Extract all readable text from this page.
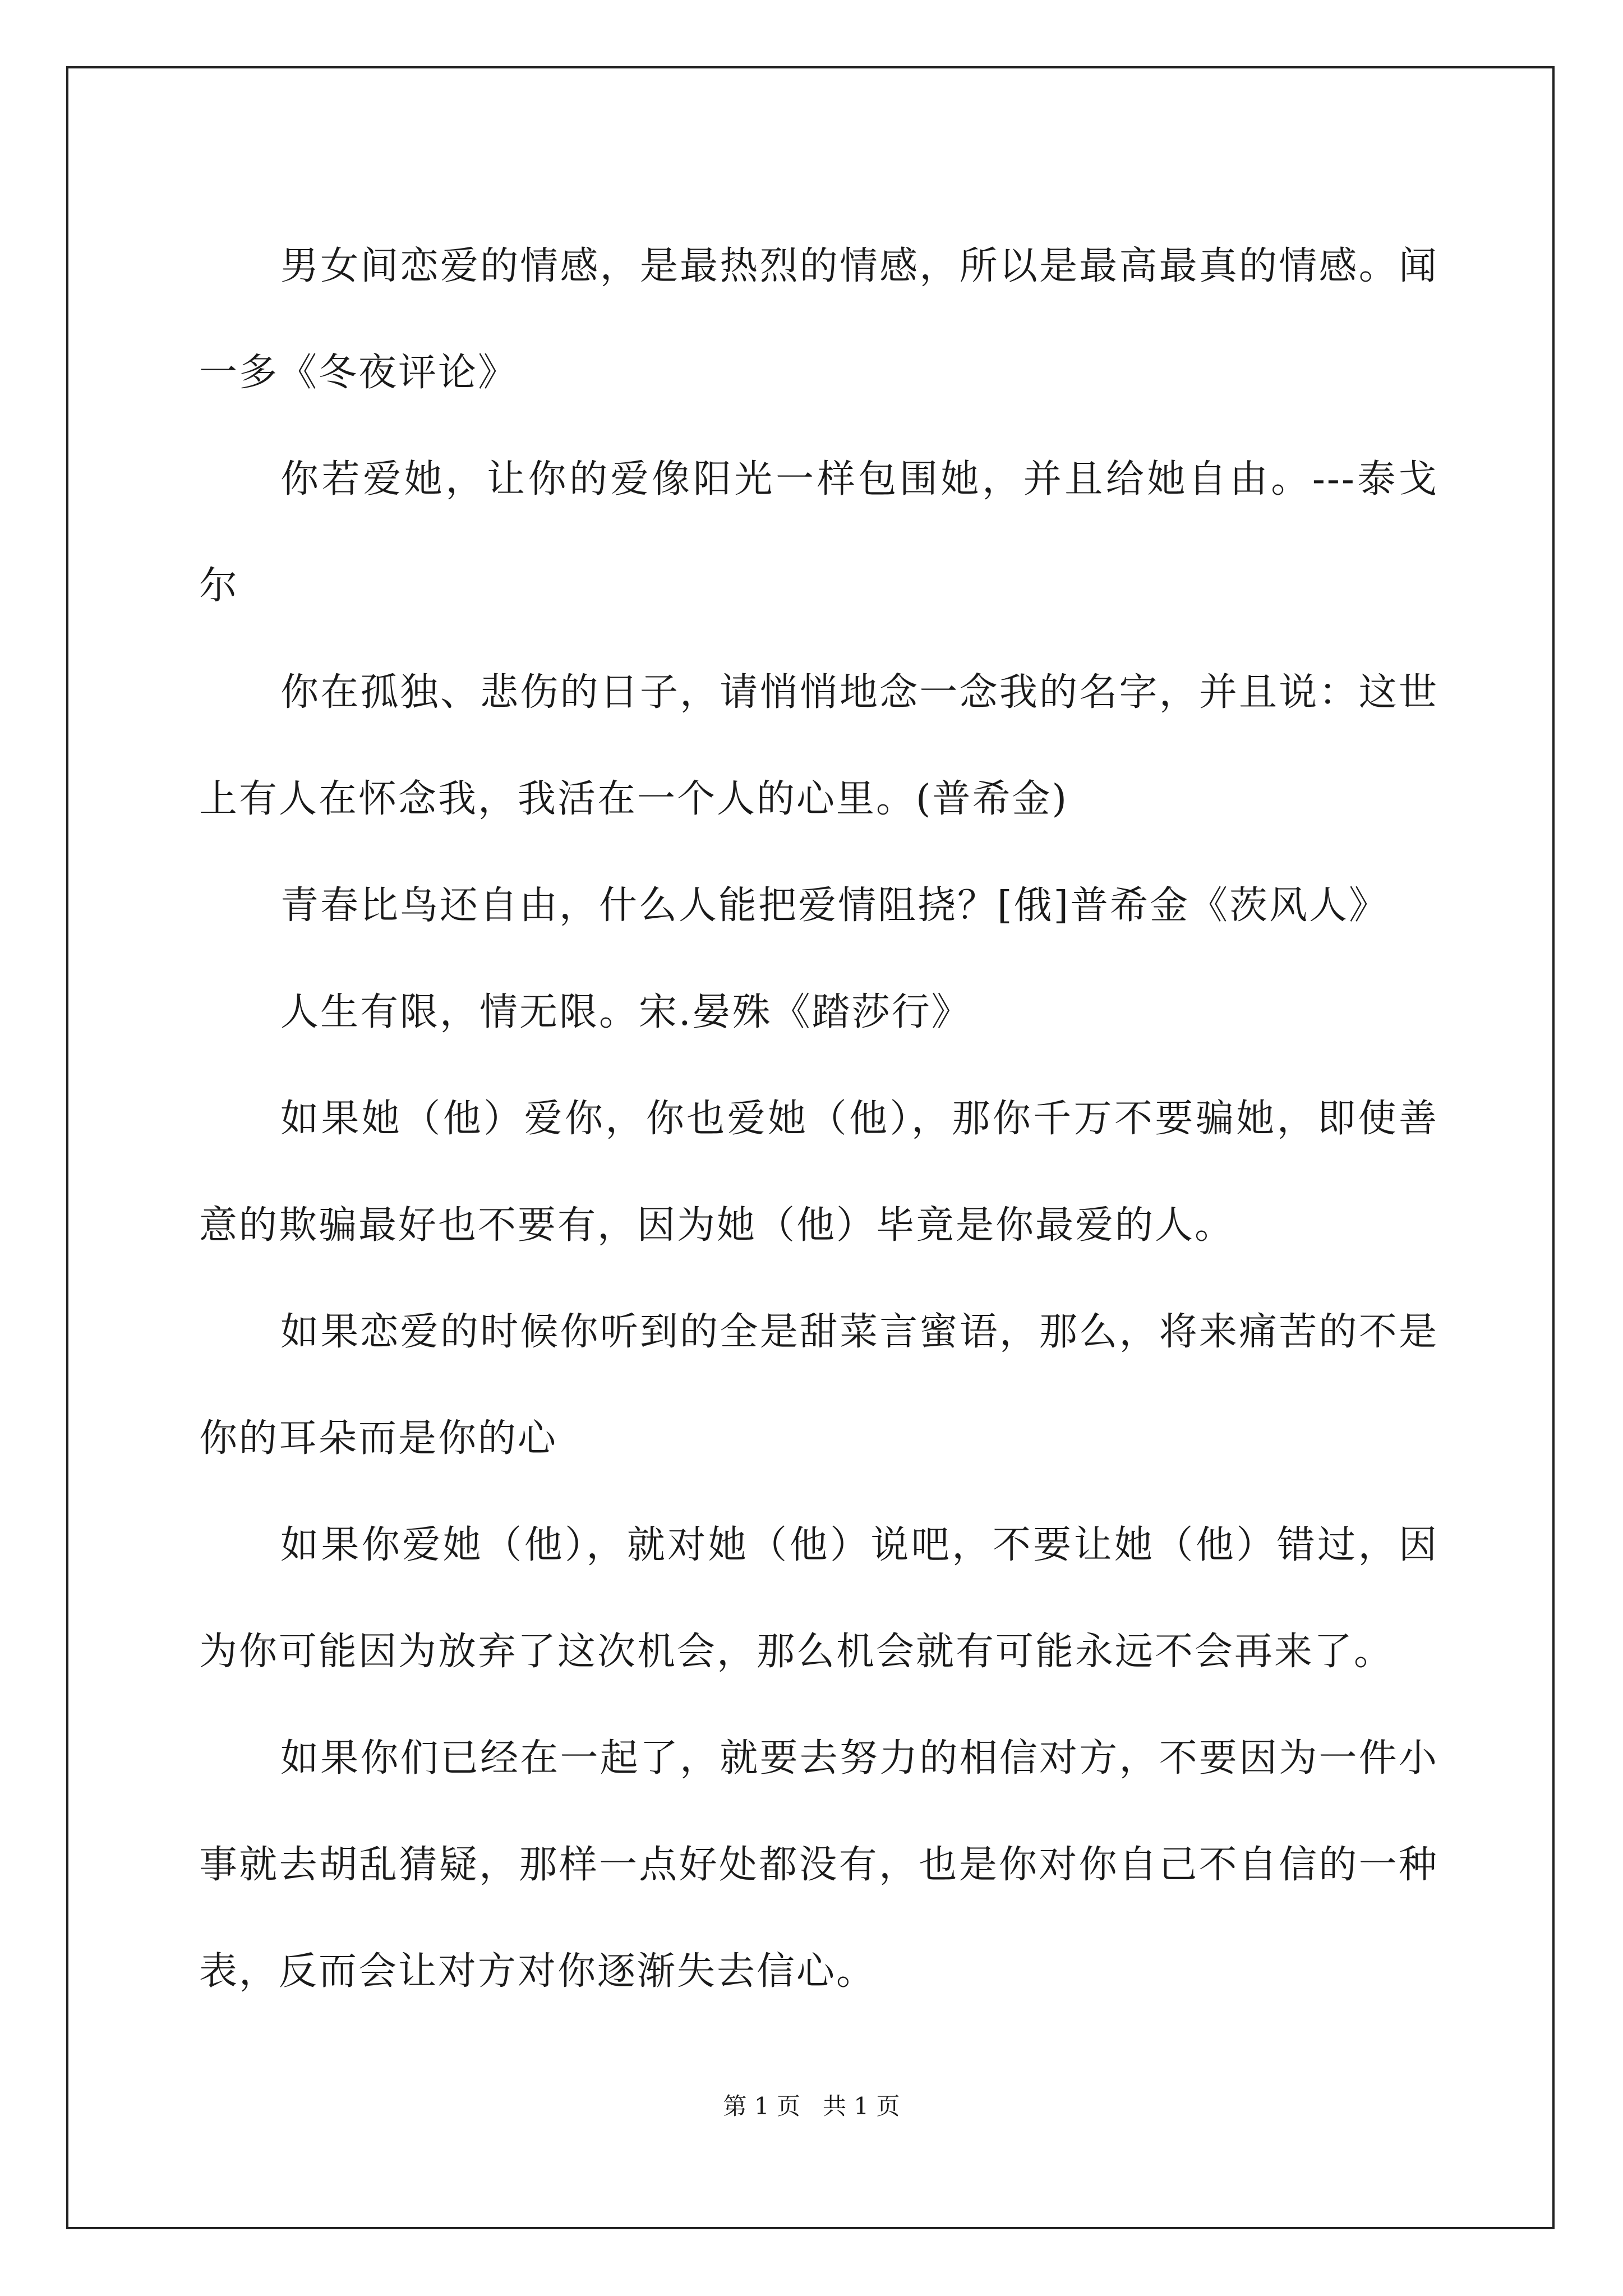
男女间恋爱的情感，是最热烈的情感，所以是最高最真的情感。闻一多《冬夜评论》

你若爱她，让你的爱像阳光一样包围她，并且给她自由。---泰戈尔

你在孤独、悲伤的日子，请悄悄地念一念我的名字，并且说：这世上有人在怀念我，我活在一个人的心里。(普希金)

青春比鸟还自由，什么人能把爱情阻挠？[俄]普希金《茨风人》

人生有限，情无限。宋.晏殊《踏莎行》

如果她（他）爱你，你也爱她（他），那你千万不要骗她，即使善意的欺骗最好也不要有，因为她（他）毕竟是你最爱的人。

如果恋爱的时候你听到的全是甜菜言蜜语，那么，将来痛苦的不是你的耳朵而是你的心

如果你爱她（他），就对她（他）说吧，不要让她（他）错过，因为你可能因为放弃了这次机会，那么机会就有可能永远不会再来了。

如果你们已经在一起了，就要去努力的相信对方，不要因为一件小事就去胡乱猜疑，那样一点好处都没有，也是你对你自己不自信的一种表，反而会让对方对你逐渐失去信心。

第 1 页   共 1 页
